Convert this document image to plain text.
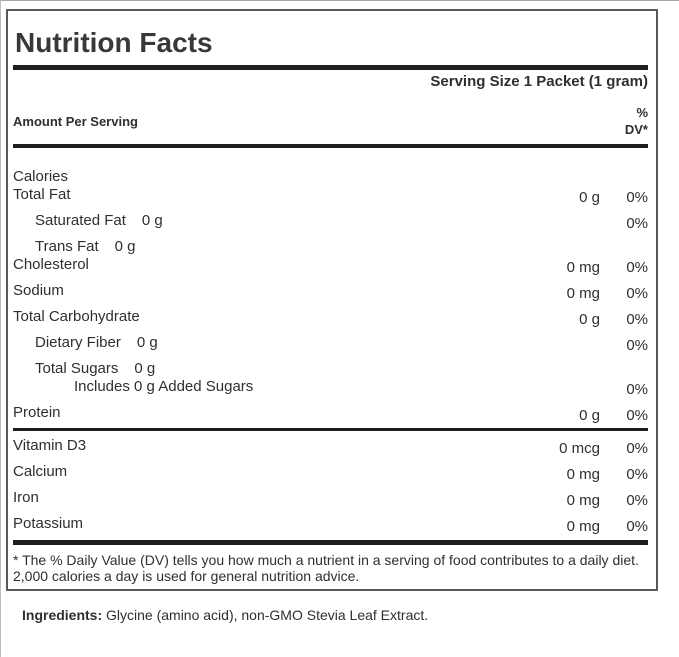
Nutrition Facts
Serving Size 1 Packet (1 gram)
Amount Per Serving
%
DV*
Calories
Total Fat	0 g	0%
Saturated Fat 0 g	0%
Trans Fat 0 g
Cholesterol	0 mg	0%
Sodium	0 mg	0%
Total Carbohydrate	0 g	0%
Dietary Fiber 0 g	0%
Total Sugars 0 g
Includes 0 g Added Sugars	0%
Protein	0 g	0%
Vitamin D3	0 mcg	0%
Calcium	0 mg	0%
Iron	0 mg	0%
Potassium	0 mg	0%

* The % Daily Value (DV) tells you how much a nutrient in a serving of food contributes to a daily diet. 2,000 calories a day is used for general nutrition advice.

Ingredients: Glycine (amino acid), non-GMO Stevia Leaf Extract.
